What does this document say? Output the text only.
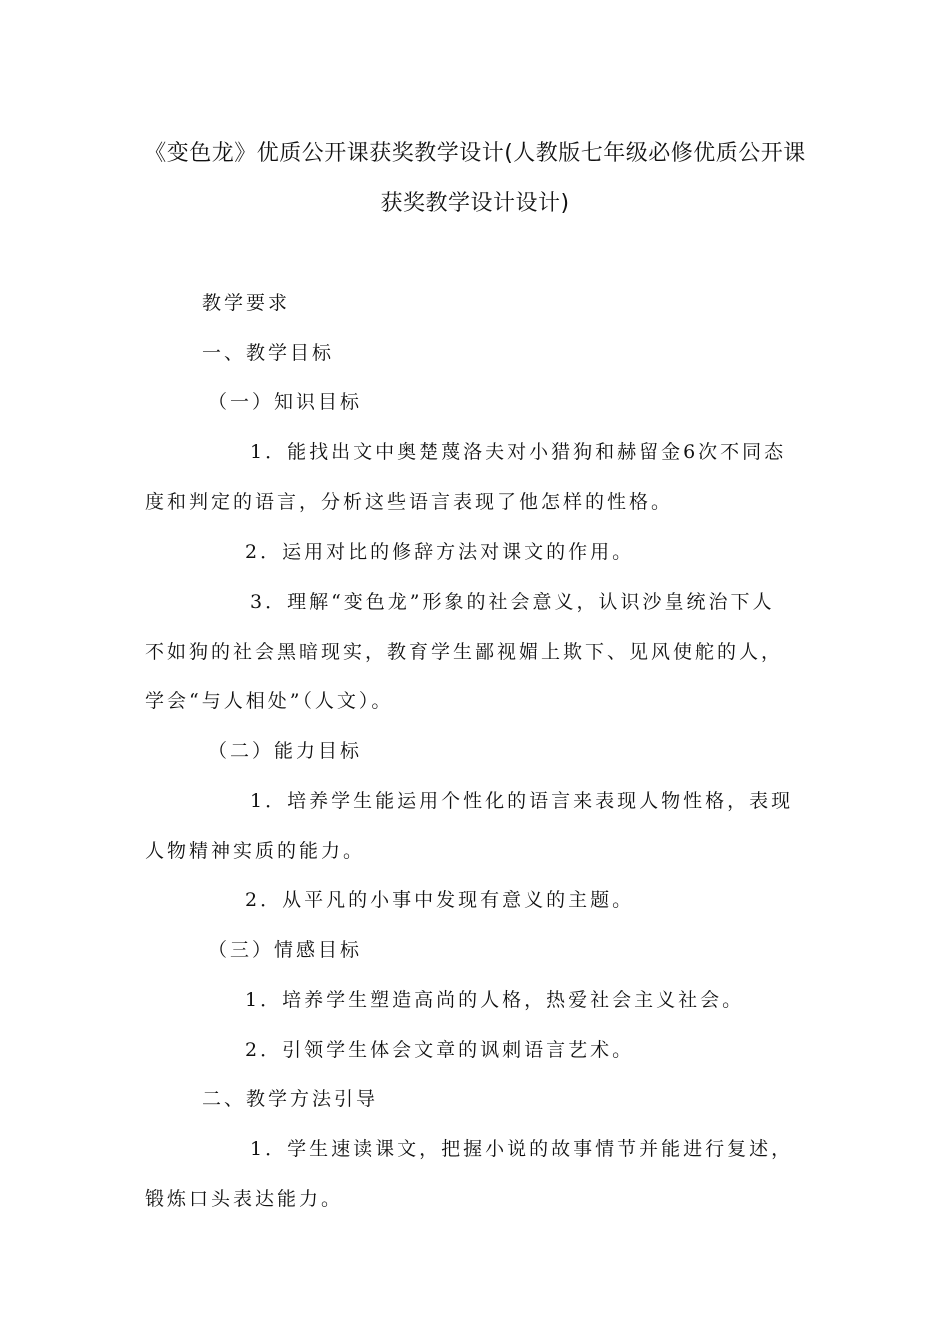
《变色龙》优质公开课获奖教学设计(人教版七年级必修优质公开课
获奖教学设计设计)
教学要求
一、教学目标
（一）知识目标
1．能找出文中奥楚蔑洛夫对小猎狗和赫留金6次不同态
度和判定的语言，分析这些语言表现了他怎样的性格。
2．运用对比的修辞方法对课文的作用。
3．理解“变色龙”形象的社会意义，认识沙皇统治下人
不如狗的社会黑暗现实，教育学生鄙视媚上欺下、见风使舵的人，
学会“与人相处”（人文）。
（二）能力目标
1．培养学生能运用个性化的语言来表现人物性格，表现
人物精神实质的能力。
2．从平凡的小事中发现有意义的主题。
（三）情感目标
1．培养学生塑造高尚的人格，热爱社会主义社会。
2．引领学生体会文章的讽刺语言艺术。
二、教学方法引导
1．学生速读课文，把握小说的故事情节并能进行复述，
锻炼口头表达能力。
